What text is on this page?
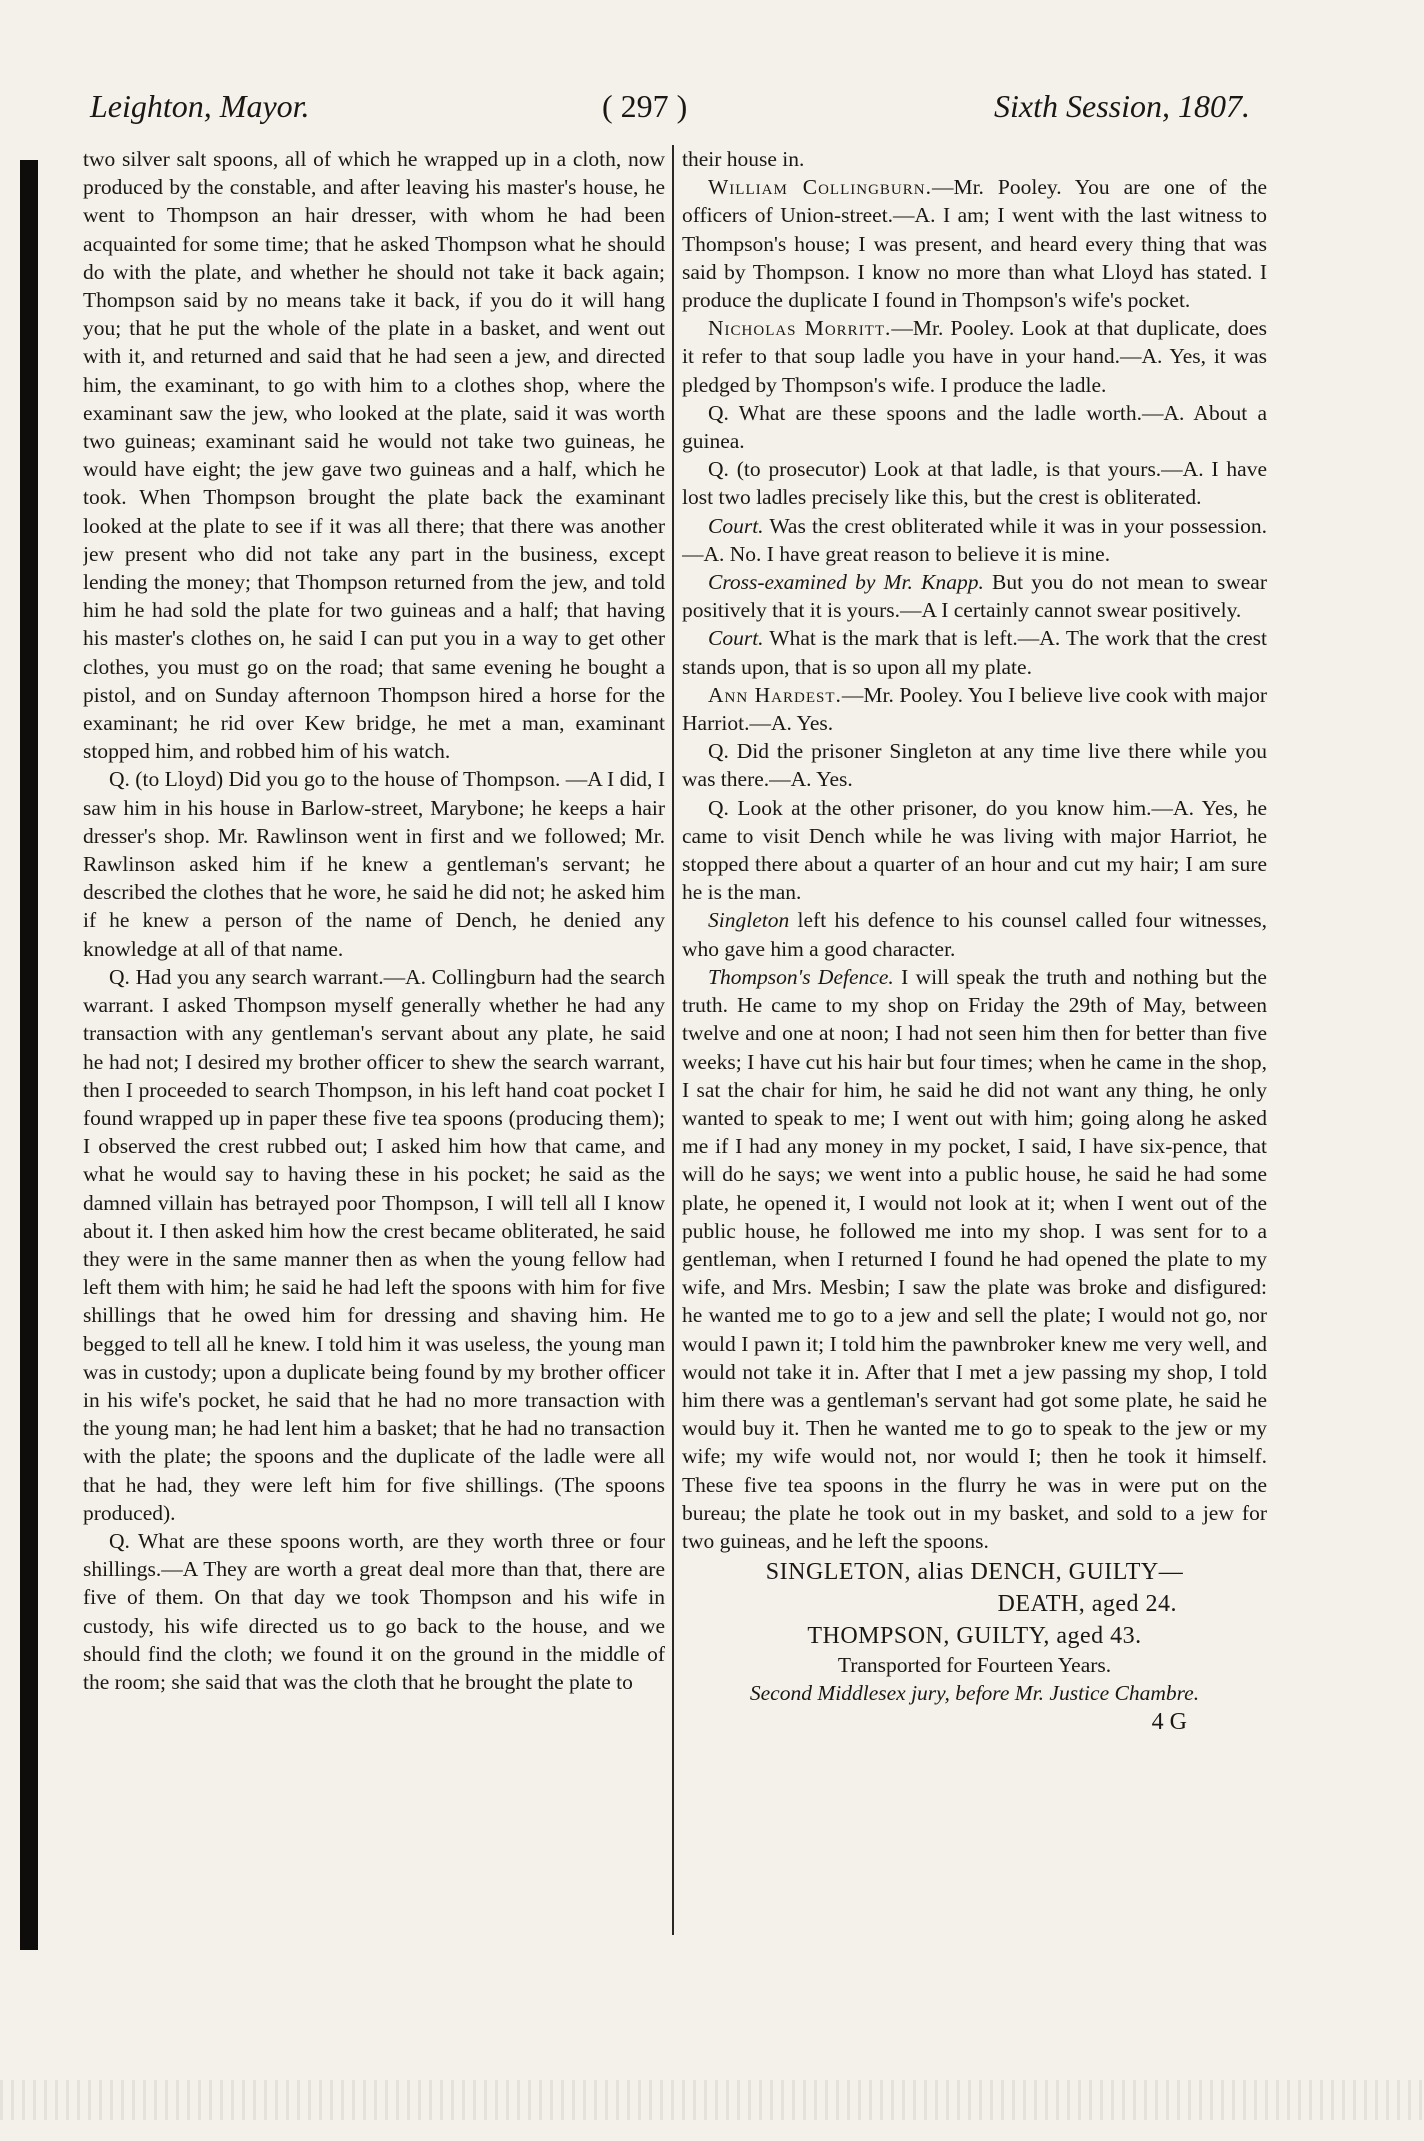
Leighton, Mayor.	( 297 )	Sixth Session, 1807.

two silver salt spoons, all of which he wrapped up in a cloth, now produced by the constable, and after leaving his master's house, he went to Thompson an hair dresser, with whom he had been acquainted for some time; that he asked Thompson what he should do with the plate, and whether he should not take it back again; Thompson said by no means take it back, if you do it will hang you; that he put the whole of the plate in a basket, and went out with it, and returned and said that he had seen a jew, and directed him, the examinant, to go with him to a clothes shop, where the examinant saw the jew, who looked at the plate, said it was worth two guineas; examinant said he would not take two guineas, he would have eight; the jew gave two guineas and a half, which he took. When Thompson brought the plate back the examinant looked at the plate to see if it was all there; that there was another jew present who did not take any part in the business, except lending the money; that Thompson returned from the jew, and told him he had sold the plate for two guineas and a half; that having his master's clothes on, he said I can put you in a way to get other clothes, you must go on the road; that same evening he bought a pistol, and on Sunday afternoon Thompson hired a horse for the examinant; he rid over Kew bridge, he met a man, examinant stopped him, and robbed him of his watch.

Q. (to Lloyd) Did you go to the house of Thompson. —A I did, I saw him in his house in Barlow-street, Marybone; he keeps a hair dresser's shop. Mr. Rawlinson went in first and we followed; Mr. Rawlinson asked him if he knew a gentleman's servant; he described the clothes that he wore, he said he did not; he asked him if he knew a person of the name of Dench, he denied any knowledge at all of that name.

Q. Had you any search warrant.—A. Collingburn had the search warrant. I asked Thompson myself generally whether he had any transaction with any gentleman's servant about any plate, he said he had not; I desired my brother officer to shew the search warrant, then I proceeded to search Thompson, in his left hand coat pocket I found wrapped up in paper these five tea spoons (producing them); I observed the crest rubbed out; I asked him how that came, and what he would say to having these in his pocket; he said as the damned villain has betrayed poor Thompson, I will tell all I know about it. I then asked him how the crest became obliterated, he said they were in the same manner then as when the young fellow had left them with him; he said he had left the spoons with him for five shillings that he owed him for dressing and shaving him. He begged to tell all he knew. I told him it was useless, the young man was in custody; upon a duplicate being found by my brother officer in his wife's pocket, he said that he had no more transaction with the young man; he had lent him a basket; that he had no transaction with the plate; the spoons and the duplicate of the ladle were all that he had, they were left him for five shillings. (The spoons produced).

Q. What are these spoons worth, are they worth three or four shillings.—A They are worth a great deal more than that, there are five of them. On that day we took Thompson and his wife in custody, his wife directed us to go back to the house, and we should find the cloth; we found it on the ground in the middle of the room; she said that was the cloth that he brought the plate to

their house in.

William Collingburn.—Mr. Pooley. You are one of the officers of Union-street.—A. I am; I went with the last witness to Thompson's house; I was present, and heard every thing that was said by Thompson. I know no more than what Lloyd has stated. I produce the duplicate I found in Thompson's wife's pocket.

Nicholas Morritt.—Mr. Pooley. Look at that duplicate, does it refer to that soup ladle you have in your hand.—A. Yes, it was pledged by Thompson's wife. I produce the ladle.

Q. What are these spoons and the ladle worth.—A. About a guinea.

Q. (to prosecutor) Look at that ladle, is that yours.—A. I have lost two ladles precisely like this, but the crest is obliterated.

Court. Was the crest obliterated while it was in your possession.—A. No. I have great reason to believe it is mine.

Cross-examined by Mr. Knapp. But you do not mean to swear positively that it is yours.—A I certainly cannot swear positively.

Court. What is the mark that is left.—A. The work that the crest stands upon, that is so upon all my plate.

Ann Hardest.—Mr. Pooley. You I believe live cook with major Harriot.—A. Yes.

Q. Did the prisoner Singleton at any time live there while you was there.—A. Yes.

Q. Look at the other prisoner, do you know him.—A. Yes, he came to visit Dench while he was living with major Harriot, he stopped there about a quarter of an hour and cut my hair; I am sure he is the man.

Singleton left his defence to his counsel called four witnesses, who gave him a good character.

Thompson's Defence. I will speak the truth and nothing but the truth. He came to my shop on Friday the 29th of May, between twelve and one at noon; I had not seen him then for better than five weeks; I have cut his hair but four times; when he came in the shop, I sat the chair for him, he said he did not want any thing, he only wanted to speak to me; I went out with him; going along he asked me if I had any money in my pocket, I said, I have six-pence, that will do he says; we went into a public house, he said he had some plate, he opened it, I would not look at it; when I went out of the public house, he followed me into my shop. I was sent for to a gentleman, when I returned I found he had opened the plate to my wife, and Mrs. Mesbin; I saw the plate was broke and disfigured: he wanted me to go to a jew and sell the plate; I would not go, nor would I pawn it; I told him the pawnbroker knew me very well, and would not take it in. After that I met a jew passing my shop, I told him there was a gentleman's servant had got some plate, he said he would buy it. Then he wanted me to go to speak to the jew or my wife; my wife would not, nor would I; then he took it himself. These five tea spoons in the flurry he was in were put on the bureau; the plate he took out in my basket, and sold to a jew for two guineas, and he left the spoons.

SINGLETON, alias DENCH, GUILTY—

DEATH, aged 24.

THOMPSON, GUILTY, aged 43.

Transported for Fourteen Years.

Second Middlesex jury, before Mr. Justice Chambre.

4 G
